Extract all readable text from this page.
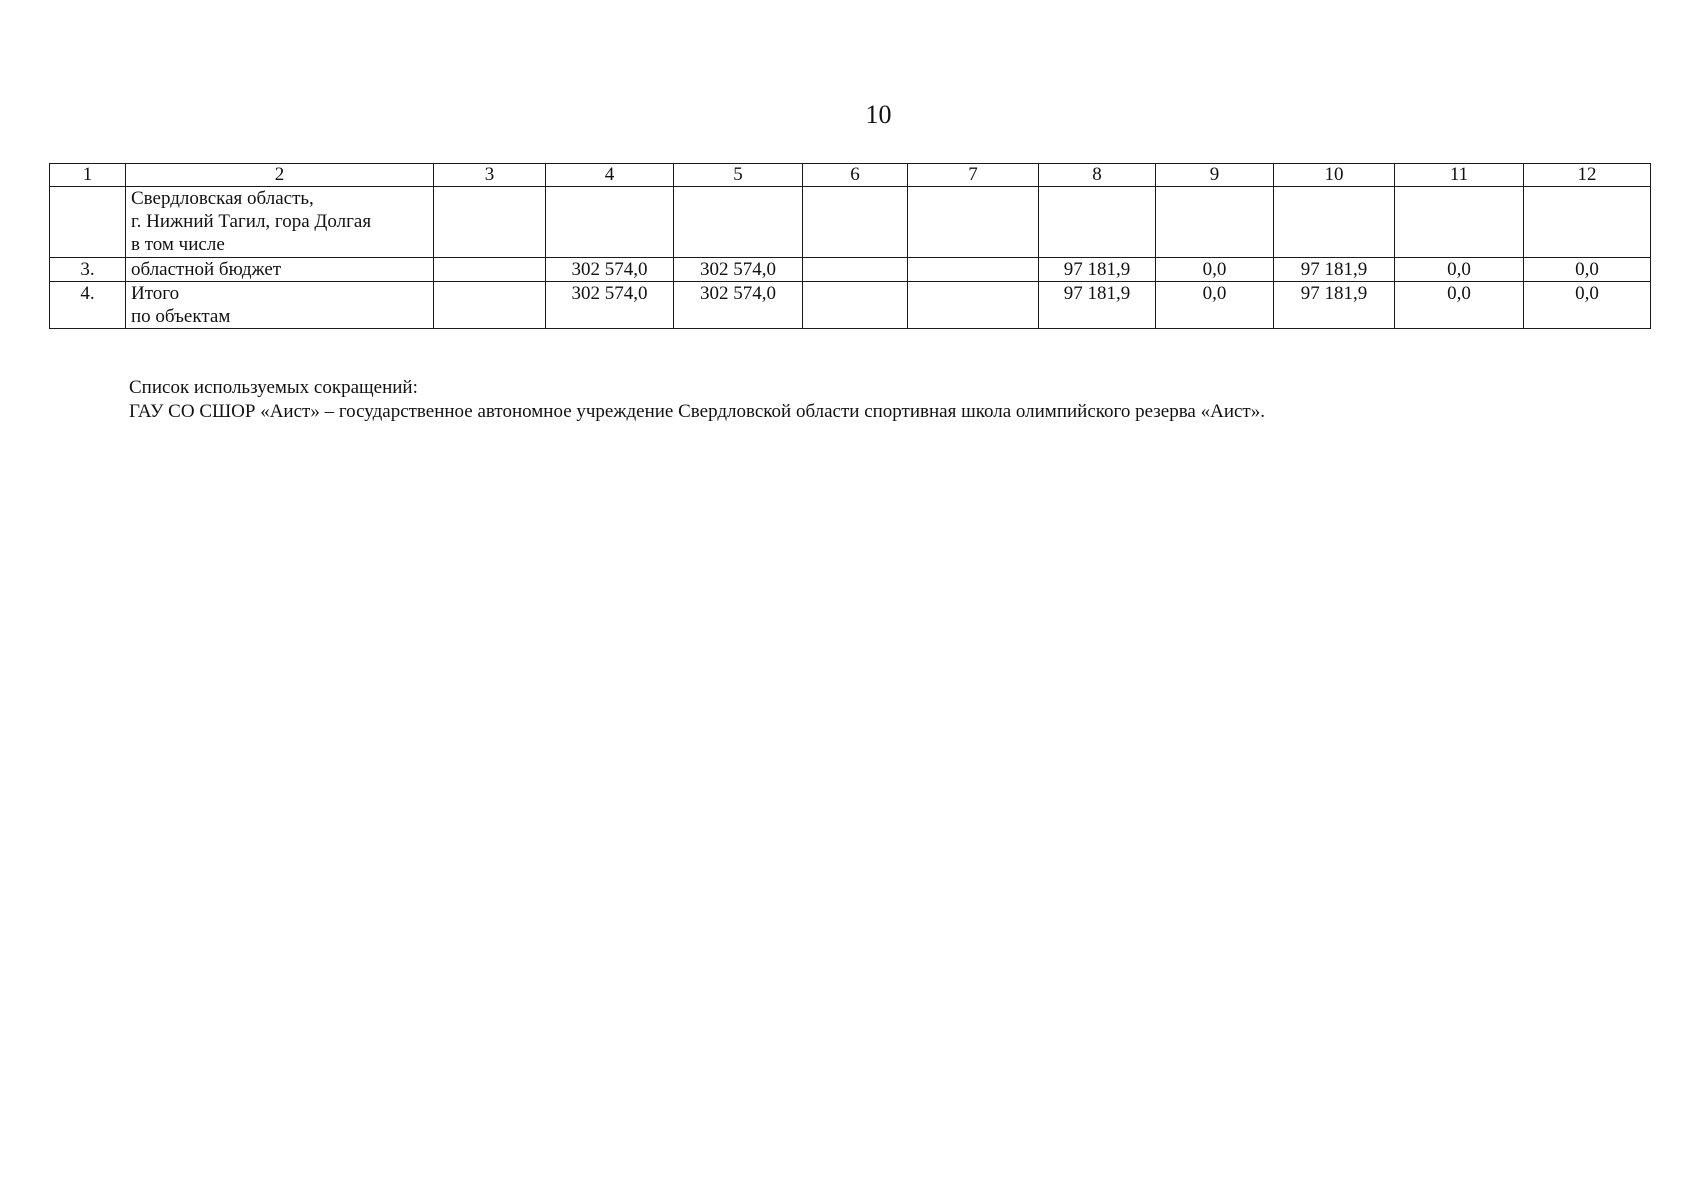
10
1	2	3	4	5	6	7	8	9	10	11	12

	Свердловская область,
г. Нижний Тагил, гора Долгая
в том числе										

3.	областной бюджет		302 574,0	302 574,0			97 181,9	0,0	97 181,9	0,0	0,0
4.	Итого
по объектам		302 574,0	302 574,0			97 181,9	0,0	97 181,9	0,0	0,0
Список используемых сокращений:
ГАУ СО СШОР «Аист» – государственное автономное учреждение Свердловской области спортивная школа олимпийского резерва «Аист».
